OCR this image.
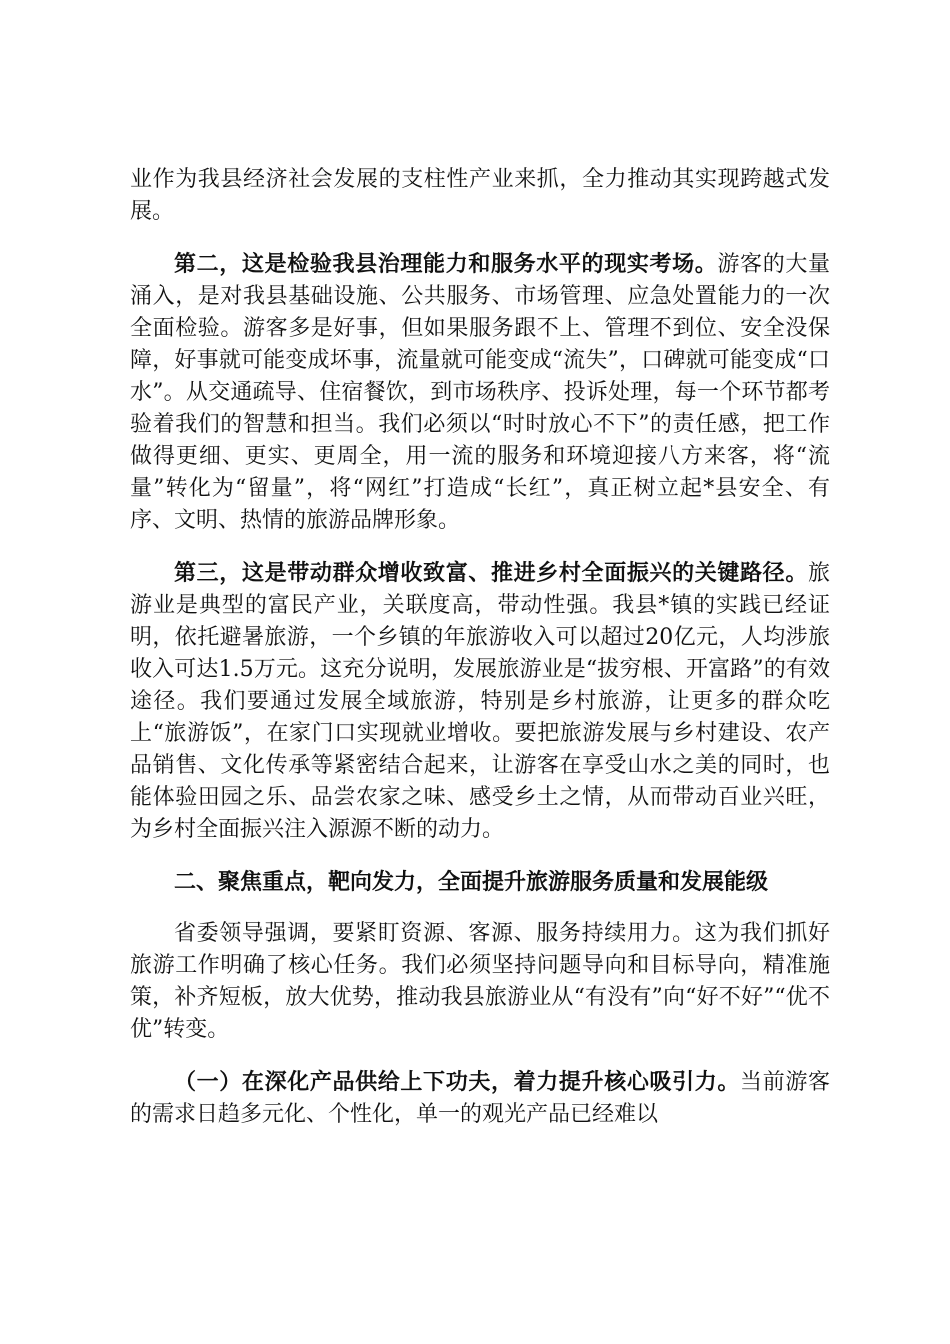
业作为我县经济社会发展的支柱性产业来抓，全力推动其实现跨越式发展。

第二，这是检验我县治理能力和服务水平的现实考场。游客的大量涌入，是对我县基础设施、公共服务、市场管理、应急处置能力的一次全面检验。游客多是好事，但如果服务跟不上、管理不到位、安全没保障，好事就可能变成坏事，流量就可能变成“流失”，口碑就可能变成“口水”。从交通疏导、住宿餐饮，到市场秩序、投诉处理，每一个环节都考验着我们的智慧和担当。我们必须以“时时放心不下”的责任感，把工作做得更细、更实、更周全，用一流的服务和环境迎接八方来客，将“流量”转化为“留量”，将“网红”打造成“长红”，真正树立起*县安全、有序、文明、热情的旅游品牌形象。

第三，这是带动群众增收致富、推进乡村全面振兴的关键路径。旅游业是典型的富民产业，关联度高，带动性强。我县*镇的实践已经证明，依托避暑旅游，一个乡镇的年旅游收入可以超过20亿元，人均涉旅收入可达1.5万元。这充分说明，发展旅游业是“拔穷根、开富路”的有效途径。我们要通过发展全域旅游，特别是乡村旅游，让更多的群众吃上“旅游饭”，在家门口实现就业增收。要把旅游发展与乡村建设、农产品销售、文化传承等紧密结合起来，让游客在享受山水之美的同时，也能体验田园之乐、品尝农家之味、感受乡土之情，从而带动百业兴旺，为乡村全面振兴注入源源不断的动力。

二、聚焦重点，靶向发力，全面提升旅游服务质量和发展能级

省委领导强调，要紧盯资源、客源、服务持续用力。这为我们抓好旅游工作明确了核心任务。我们必须坚持问题导向和目标导向，精准施策，补齐短板，放大优势，推动我县旅游业从“有没有”向“好不好”“优不优”转变。

（一）在深化产品供给上下功夫，着力提升核心吸引力。当前游客的需求日趋多元化、个性化，单一的观光产品已经难以
